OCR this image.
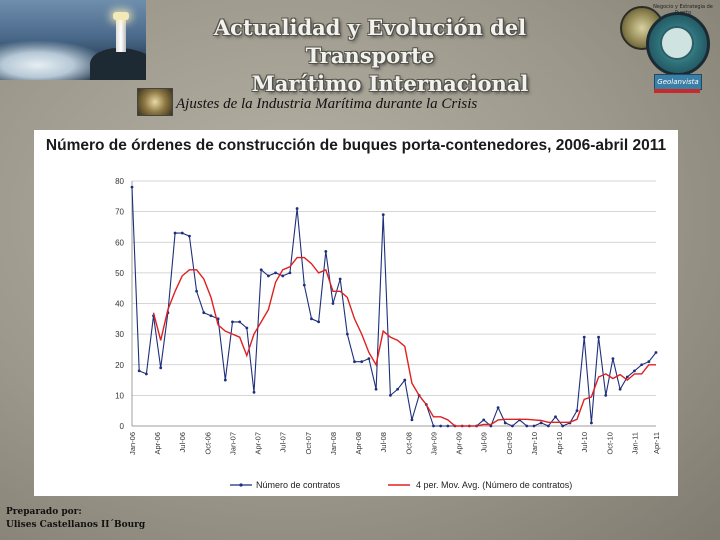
Actualidad y Evolución del Transporte
Marítimo Internacional
Negocio y Estrategia de
Puerto
Geolanvista
Ajustes de la Industria Marítima durante la Crisis
Número de órdenes de construcción de buques porta-contenedores, 2006-abril 2011
0
10
20
30
40
50
60
70
80
Jan-06 Apr-06 Jul-06 Oct-06 Jan-07 Apr-07 Jul-07 Oct-07 Jan-08 Apr-08 Jul-08 Oct-08 Jan-09 Apr-09 Jul-09 Oct-09 Jan-10 Apr-10 Jul-10 Oct-10 Jan-11 Apr-11
Número de contratos	4 per. Mov. Avg. (Número de contratos)
Preparado por:
Ulises Castellanos II´Bourg
